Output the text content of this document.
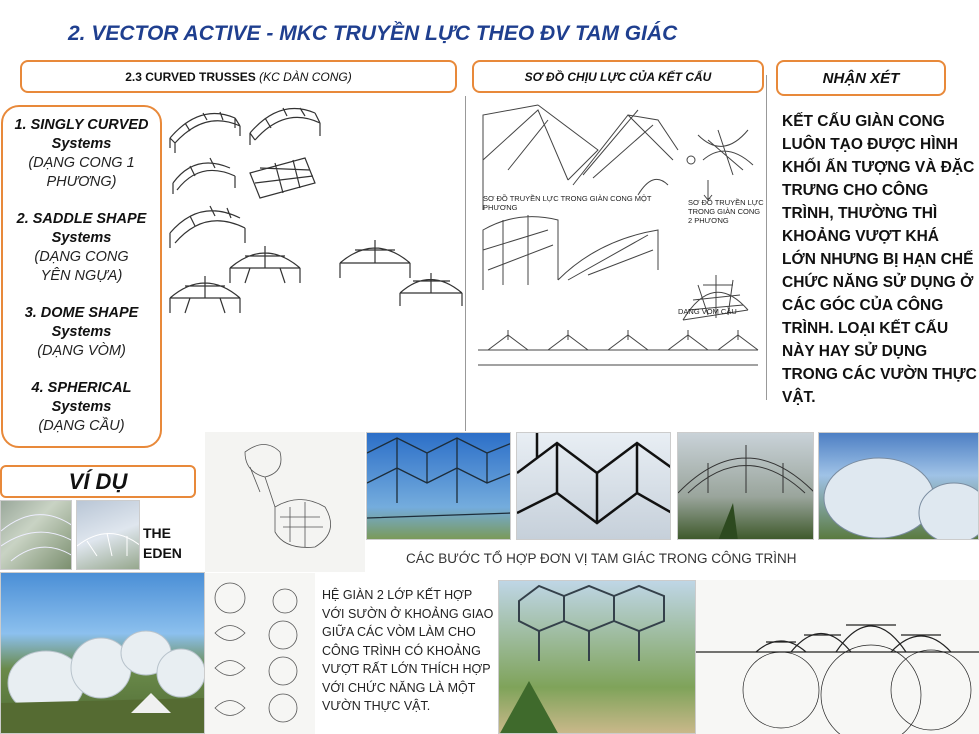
2. VECTOR ACTIVE - MKC TRUYỀN LỰC THEO ĐV TAM GIÁC
2.3 CURVED TRUSSES (KC DÀN CONG)	SƠ ĐỒ CHỊU LỰC CỦA KẾT CẤU	NHẬN XÉT
1. SINGLY CURVED
Systems
(DẠNG CONG 1 PHƯƠNG)
2. SADDLE SHAPE
Systems
(DẠNG CONG YÊN NGỰA)
3. DOME SHAPE
Systems
(DẠNG VÒM)
4. SPHERICAL
Systems
(DẠNG CẦU)
SƠ ĐỒ TRUYỀN LỰC TRONG GIÀN CONG MỘT PHƯƠNG
SƠ ĐỒ TRUYỀN LỰC TRONG GIÀN CONG 2 PHƯƠNG
DẠNG VÒM CẦU
KẾT CẤU GIÀN CONG LUÔN TẠO ĐƯỢC HÌNH KHỐI ẤN TƯỢNG VÀ ĐẶC TRƯNG CHO CÔNG TRÌNH, THƯỜNG THÌ KHOẢNG VƯỢT KHÁ LỚN NHƯNG BỊ HẠN CHẾ CHỨC NĂNG SỬ DỤNG Ở CÁC GÓC CỦA CÔNG TRÌNH. LOẠI KẾT CẤU NÀY HAY SỬ DỤNG TRONG CÁC VƯỜN THỰC VẬT.
VÍ DỤ
THE EDEN	CÁC BƯỚC TỔ HỢP ĐƠN VỊ TAM GIÁC TRONG CÔNG TRÌNH
HỆ GIÀN 2 LỚP KẾT HỢP VỚI SƯỜN Ở KHOẢNG GIAO GIỮA CÁC VÒM LÀM CHO CÔNG TRÌNH CÓ KHOẢNG VƯỢT RẤT LỚN THÍCH HỢP VỚI CHỨC NĂNG LÀ MỘT VƯỜN THỰC VẬT.
